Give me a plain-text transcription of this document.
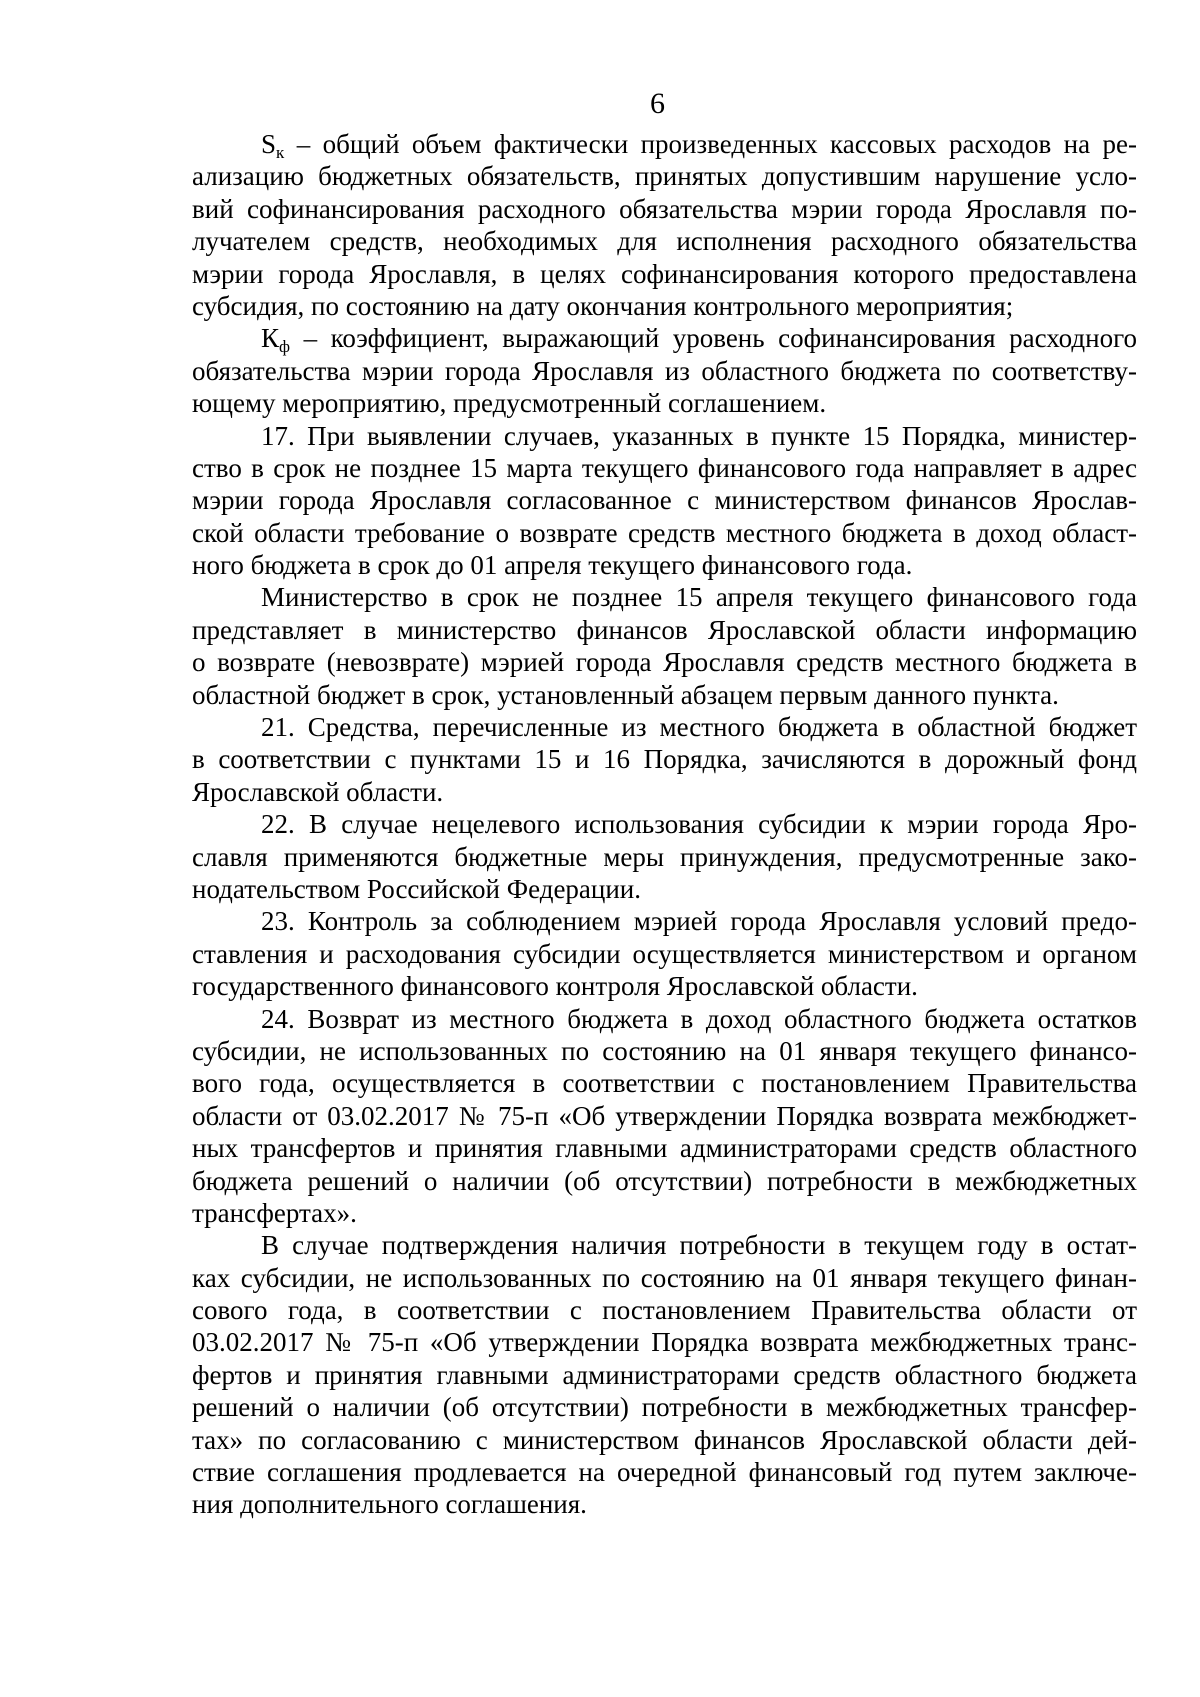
6
$S_к$ – общий объем фактически произведенных кассовых расходов на ре-
ализацию бюджетных обязательств, принятых допустившим нарушение усло-
вий софинансирования расходного обязательства мэрии города Ярославля по-
лучателем средств, необходимых для исполнения расходного обязательства
мэрии города Ярославля, в целях софинансирования которого предоставлена
субсидия, по состоянию на дату окончания контрольного мероприятия;
$К_ф$ – коэффициент, выражающий уровень софинансирования расходного
обязательства мэрии города Ярославля из областного бюджета по соответству-
ющему мероприятию, предусмотренный соглашением.
17. При выявлении случаев, указанных в пункте 15 Порядка, министер-
ство в срок не позднее 15 марта текущего финансового года направляет в адрес
мэрии города Ярославля согласованное с министерством финансов Ярослав-
ской области требование о возврате средств местного бюджета в доход област-
ного бюджета в срок до 01 апреля текущего финансового года.
Министерство в срок не позднее 15 апреля текущего финансового года
представляет в министерство финансов Ярославской области информацию
о возврате (невозврате) мэрией города Ярославля средств местного бюджета в
областной бюджет в срок, установленный абзацем первым данного пункта.
21. Средства, перечисленные из местного бюджета в областной бюджет
в соответствии с пунктами 15 и 16 Порядка, зачисляются в дорожный фонд
Ярославской области.
22. В случае нецелевого использования субсидии к мэрии города Яро-
славля применяются бюджетные меры принуждения, предусмотренные зако-
нодательством Российской Федерации.
23. Контроль за соблюдением мэрией города Ярославля условий предо-
ставления и расходования субсидии осуществляется министерством и органом
государственного финансового контроля Ярославской области.
24. Возврат из местного бюджета в доход областного бюджета остатков
субсидии, не использованных по состоянию на 01 января текущего финансо-
вого года, осуществляется в соответствии с постановлением Правительства
области от 03.02.2017 № 75-п «Об утверждении Порядка возврата межбюджет-
ных трансфертов и принятия главными администраторами средств областного
бюджета решений о наличии (об отсутствии) потребности в межбюджетных
трансфертах».
В случае подтверждения наличия потребности в текущем году в остат-
ках субсидии, не использованных по состоянию на 01 января текущего финан-
сового года, в соответствии с постановлением Правительства области от
03.02.2017 № 75-п «Об утверждении Порядка возврата межбюджетных транс-
фертов и принятия главными администраторами средств областного бюджета
решений о наличии (об отсутствии) потребности в межбюджетных трансфер-
тах» по согласованию с министерством финансов Ярославской области дей-
ствие соглашения продлевается на очередной финансовый год путем заключе-
ния дополнительного соглашения.
